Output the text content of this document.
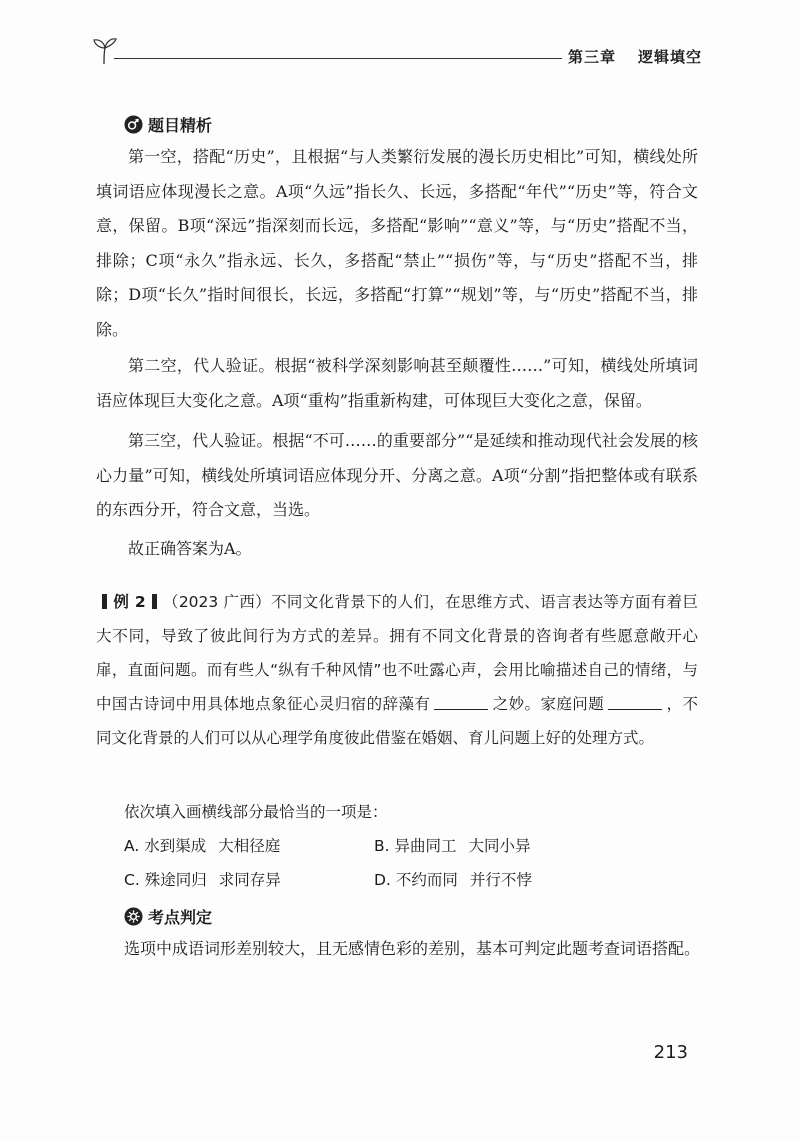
第三章 逻辑填空
题目精析

第一空，搭配“历史”，且根据“与人类繁衍发展的漫长历史相比”可知，横线处所填词语应体现漫长之意。A项“久远”指长久、长远，多搭配“年代”“历史”等，符合文意，保留。B项“深远”指深刻而长远，多搭配“影响”“意义”等，与“历史”搭配不当，排除；C项“永久”指永远、长久，多搭配“禁止”“损伤”等，与“历史”搭配不当，排除；D项“长久”指时间很长，长远，多搭配“打算”“规划”等，与“历史”搭配不当，排除。

第二空，代人验证。根据“被科学深刻影响甚至颠覆性……”可知，横线处所填词语应体现巨大变化之意。A项“重构”指重新构建，可体现巨大变化之意，保留。

第三空，代人验证。根据“不可……的重要部分”“是延续和推动现代社会发展的核心力量”可知，横线处所填词语应体现分开、分离之意。A项“分割”指把整体或有联系的东西分开，符合文意，当选。

故正确答案为A。

例 2 （2023 广西）不同文化背景下的人们，在思维方式、语言表达等方面有着巨大不同，导致了彼此间行为方式的差异。拥有不同文化背景的咨询者有些愿意敞开心扉，直面问题。而有些人“纵有千种风情”也不吐露心声，会用比喻描述自己的情绪，与中国古诗词中用具体地点象征心灵归宿的辞藻有	之妙。家庭问题	，不同文化背景的人们可以从心理学角度彼此借鉴在婚姻、育儿问题上好的处理方式。

依次填入画横线部分最恰当的一项是：

A. 水到渠成 大相径庭	B. 异曲同工 大同小异
C. 殊途同归 求同存异	D. 不约而同 并行不悖
考点判定

选项中成语词形差别较大，且无感情色彩的差别，基本可判定此题考查词语搭配。

213
